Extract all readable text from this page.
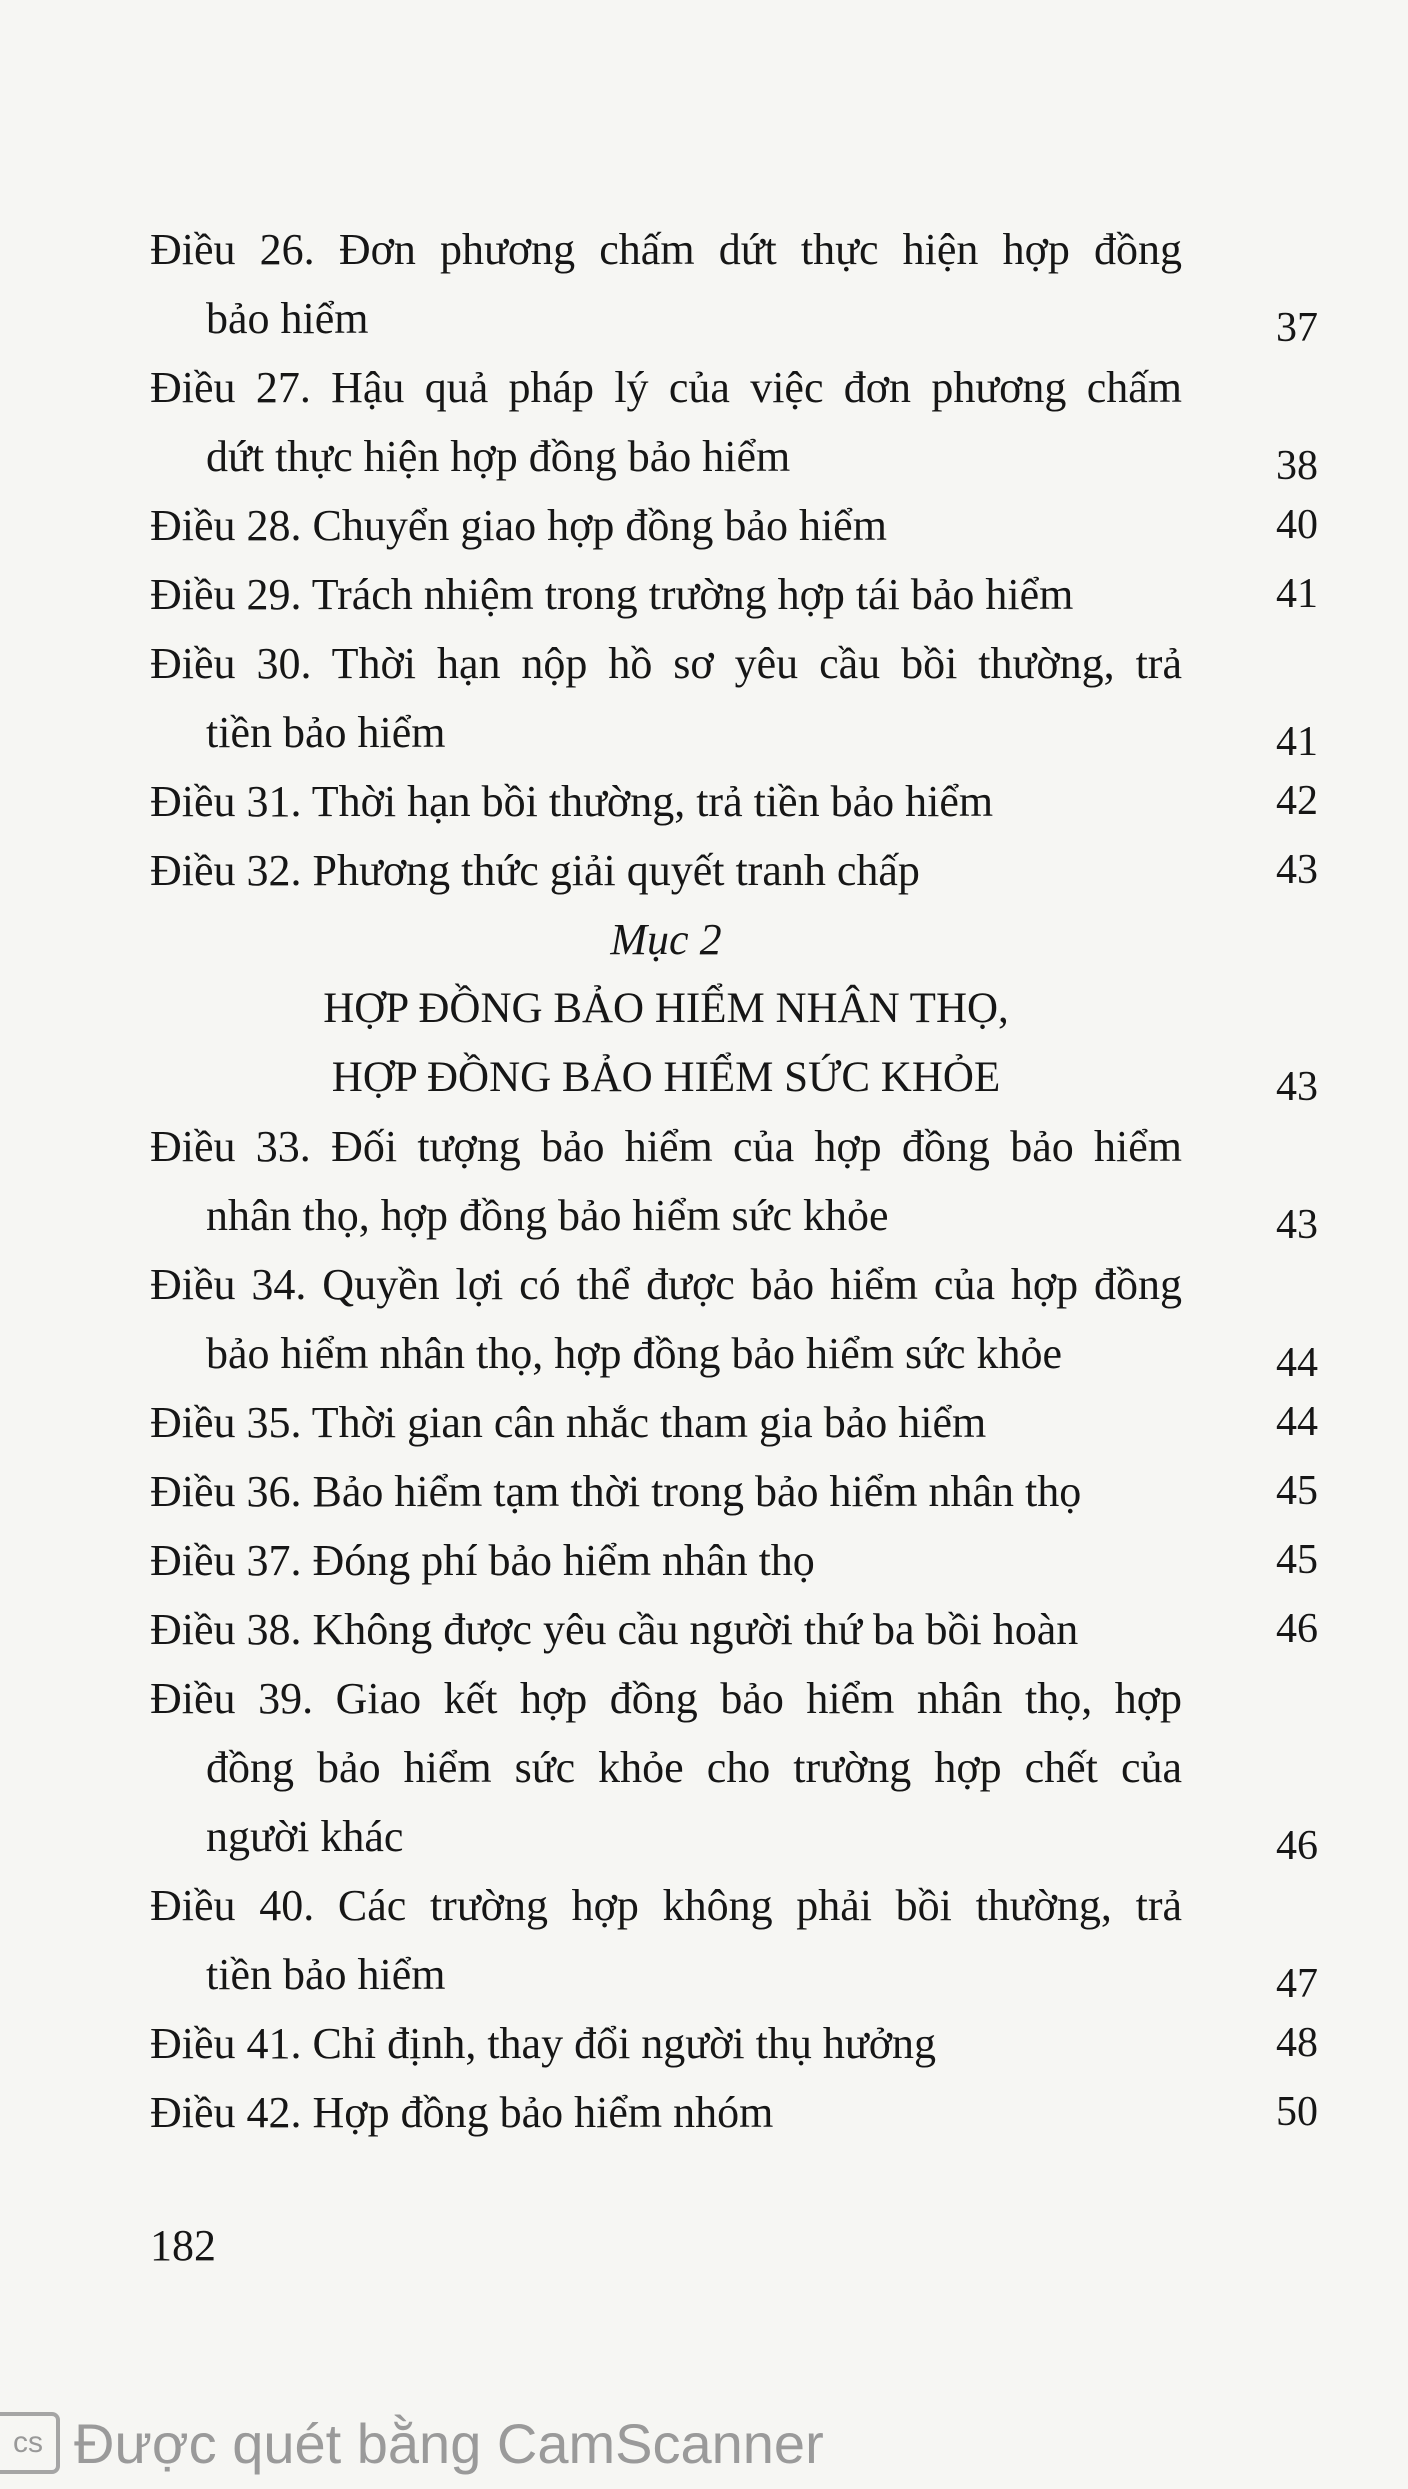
Điều 26. Đơn phương chấm dứt thực hiện hợp đồng
bảo hiểm	37
Điều 27. Hậu quả pháp lý của việc đơn phương chấm
dứt thực hiện hợp đồng bảo hiểm	38
Điều 28. Chuyển giao hợp đồng bảo hiểm	40
Điều 29. Trách nhiệm trong trường hợp tái bảo hiểm	41
Điều 30. Thời hạn nộp hồ sơ yêu cầu bồi thường, trả
tiền bảo hiểm	41
Điều 31. Thời hạn bồi thường, trả tiền bảo hiểm	42
Điều 32. Phương thức giải quyết tranh chấp	43
Mục 2
HỢP ĐỒNG BẢO HIỂM NHÂN THỌ,
HỢP ĐỒNG BẢO HIỂM SỨC KHỎE	43
Điều 33. Đối tượng bảo hiểm của hợp đồng bảo hiểm
nhân thọ, hợp đồng bảo hiểm sức khỏe	43
Điều 34. Quyền lợi có thể được bảo hiểm của hợp đồng
bảo hiểm nhân thọ, hợp đồng bảo hiểm sức khỏe	44
Điều 35. Thời gian cân nhắc tham gia bảo hiểm	44
Điều 36. Bảo hiểm tạm thời trong bảo hiểm nhân thọ	45
Điều 37. Đóng phí bảo hiểm nhân thọ	45
Điều 38. Không được yêu cầu người thứ ba bồi hoàn	46
Điều 39. Giao kết hợp đồng bảo hiểm nhân thọ, hợp
đồng bảo hiểm sức khỏe cho trường hợp chết của
người khác	46
Điều 40. Các trường hợp không phải bồi thường, trả
tiền bảo hiểm	47
Điều 41. Chỉ định, thay đổi người thụ hưởng	48
Điều 42. Hợp đồng bảo hiểm nhóm	50
182
cs Được quét bằng CamScanner
